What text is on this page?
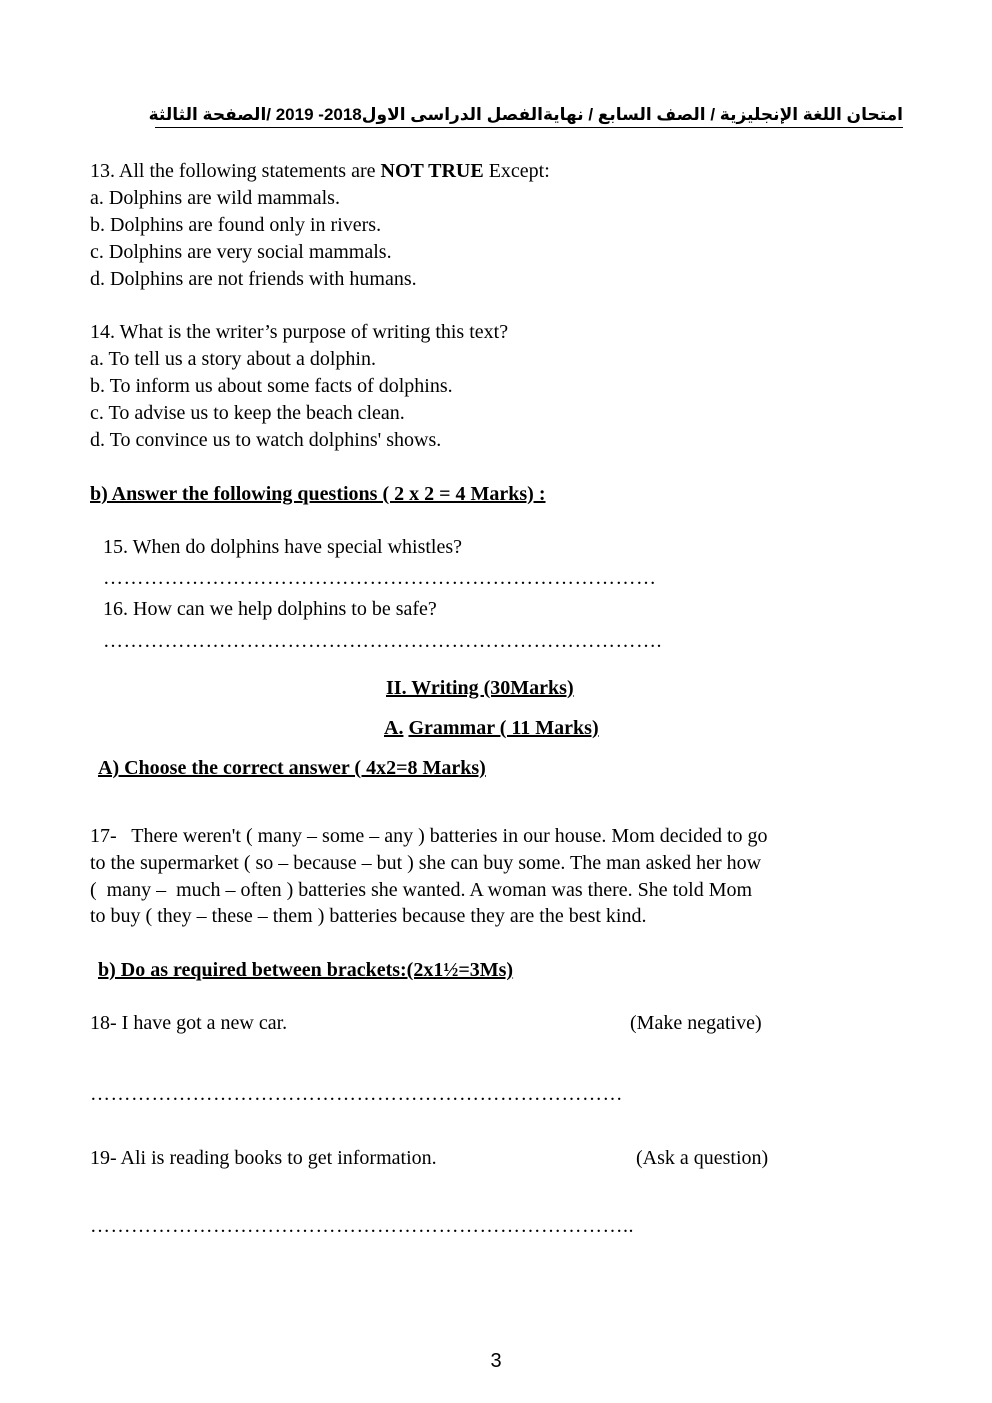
امتحان اللغة الإنجليزية / الصف السابع / نهايةالفصل الدراسى الاول2018- 2019 /الصفحة الثالثة
13. All the following statements are NOT TRUE Except:
a. Dolphins are wild mammals.
b. Dolphins are found only in rivers.
c. Dolphins are very social mammals.
d. Dolphins are not friends with humans.
14. What is the writer’s purpose of writing this text?
a. To tell us a story about a dolphin.
b. To inform us about some facts of dolphins.
c. To advise us to keep the beach clean.
d. To convince us to watch dolphins' shows.
b) Answer the following questions ( 2 x 2 = 4 Marks) :
15. When do dolphins have special whistles?
………………………………………………………………………
16. How can we help dolphins to be safe?
……………………………………………………………………….
II. Writing (30Marks)
A. Grammar ( 11 Marks)
A) Choose the correct answer ( 4x2=8 Marks)
17-   There weren't ( many – some – any ) batteries in our house. Mom decided to go
to the supermarket ( so – because – but ) she can buy some. The man asked her how
(  many –  much – often ) batteries she wanted. A woman was there. She told Mom
to buy ( they – these – them ) batteries because they are the best kind.
b) Do as required between brackets:(2x1½=3Ms)
18- I have got a new car.	(Make negative)
……………………………………………………………………
19- Ali is reading books to get information.	(Ask a question)
……………………………………………………………………..
3
